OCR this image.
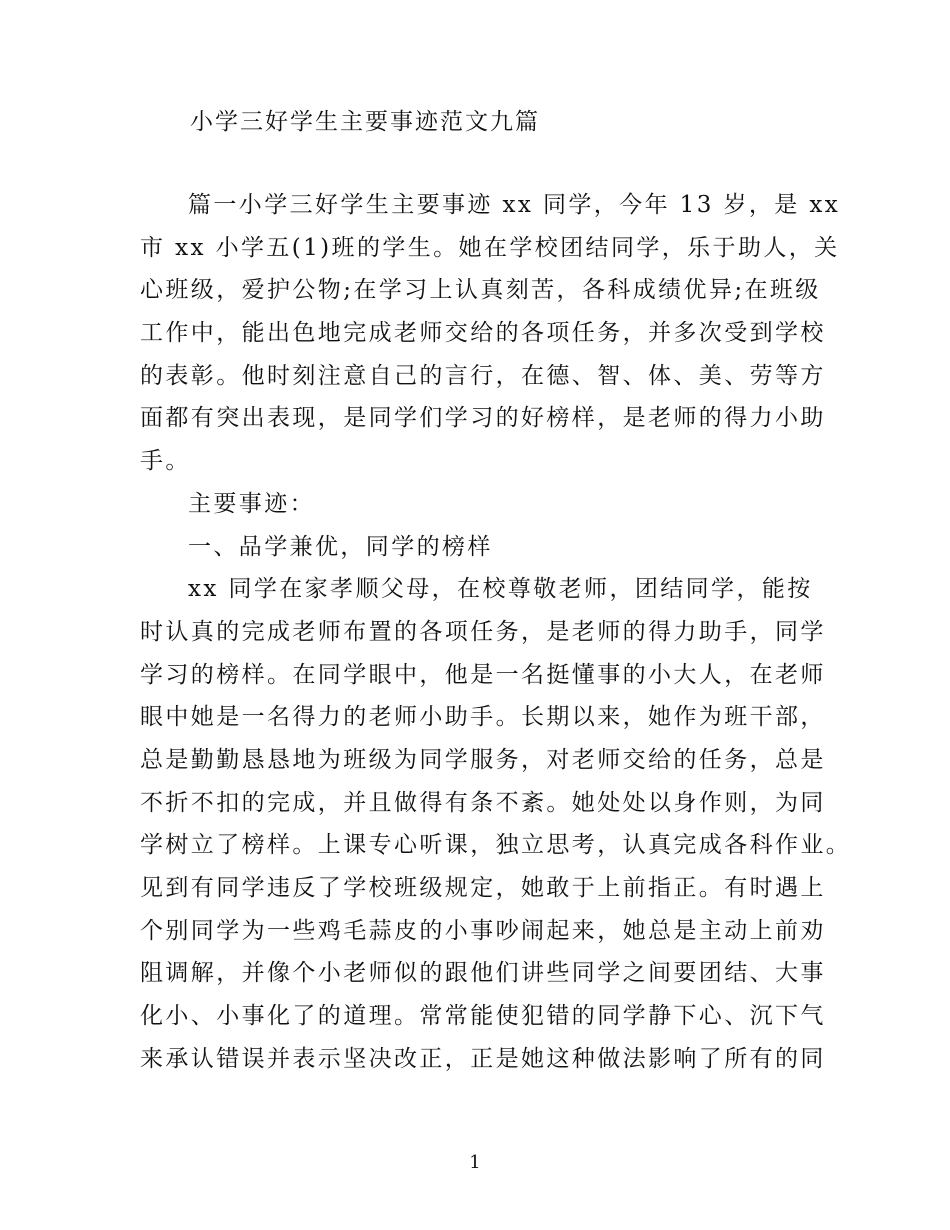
小学三好学生主要事迹范文九篇
篇一小学三好学生主要事迹 xx 同学，今年 13 岁，是 xx
市 xx 小学五(1)班的学生。她在学校团结同学，乐于助人，关
心班级，爱护公物;在学习上认真刻苦，各科成绩优异;在班级
工作中，能出色地完成老师交给的各项任务，并多次受到学校
的表彰。他时刻注意自己的言行，在德、智、体、美、劳等方
面都有突出表现，是同学们学习的好榜样，是老师的得力小助
手。
主要事迹：
一、品学兼优，同学的榜样
xx 同学在家孝顺父母，在校尊敬老师，团结同学，能按
时认真的完成老师布置的各项任务，是老师的得力助手，同学
学习的榜样。在同学眼中，他是一名挺懂事的小大人，在老师
眼中她是一名得力的老师小助手。长期以来，她作为班干部，
总是勤勤恳恳地为班级为同学服务，对老师交给的任务，总是
不折不扣的完成，并且做得有条不紊。她处处以身作则，为同
学树立了榜样。上课专心听课，独立思考，认真完成各科作业。
见到有同学违反了学校班级规定，她敢于上前指正。有时遇上
个别同学为一些鸡毛蒜皮的小事吵闹起来，她总是主动上前劝
阻调解，并像个小老师似的跟他们讲些同学之间要团结、大事
化小、小事化了的道理。常常能使犯错的同学静下心、沉下气
来承认错误并表示坚决改正，正是她这种做法影响了所有的同
1
